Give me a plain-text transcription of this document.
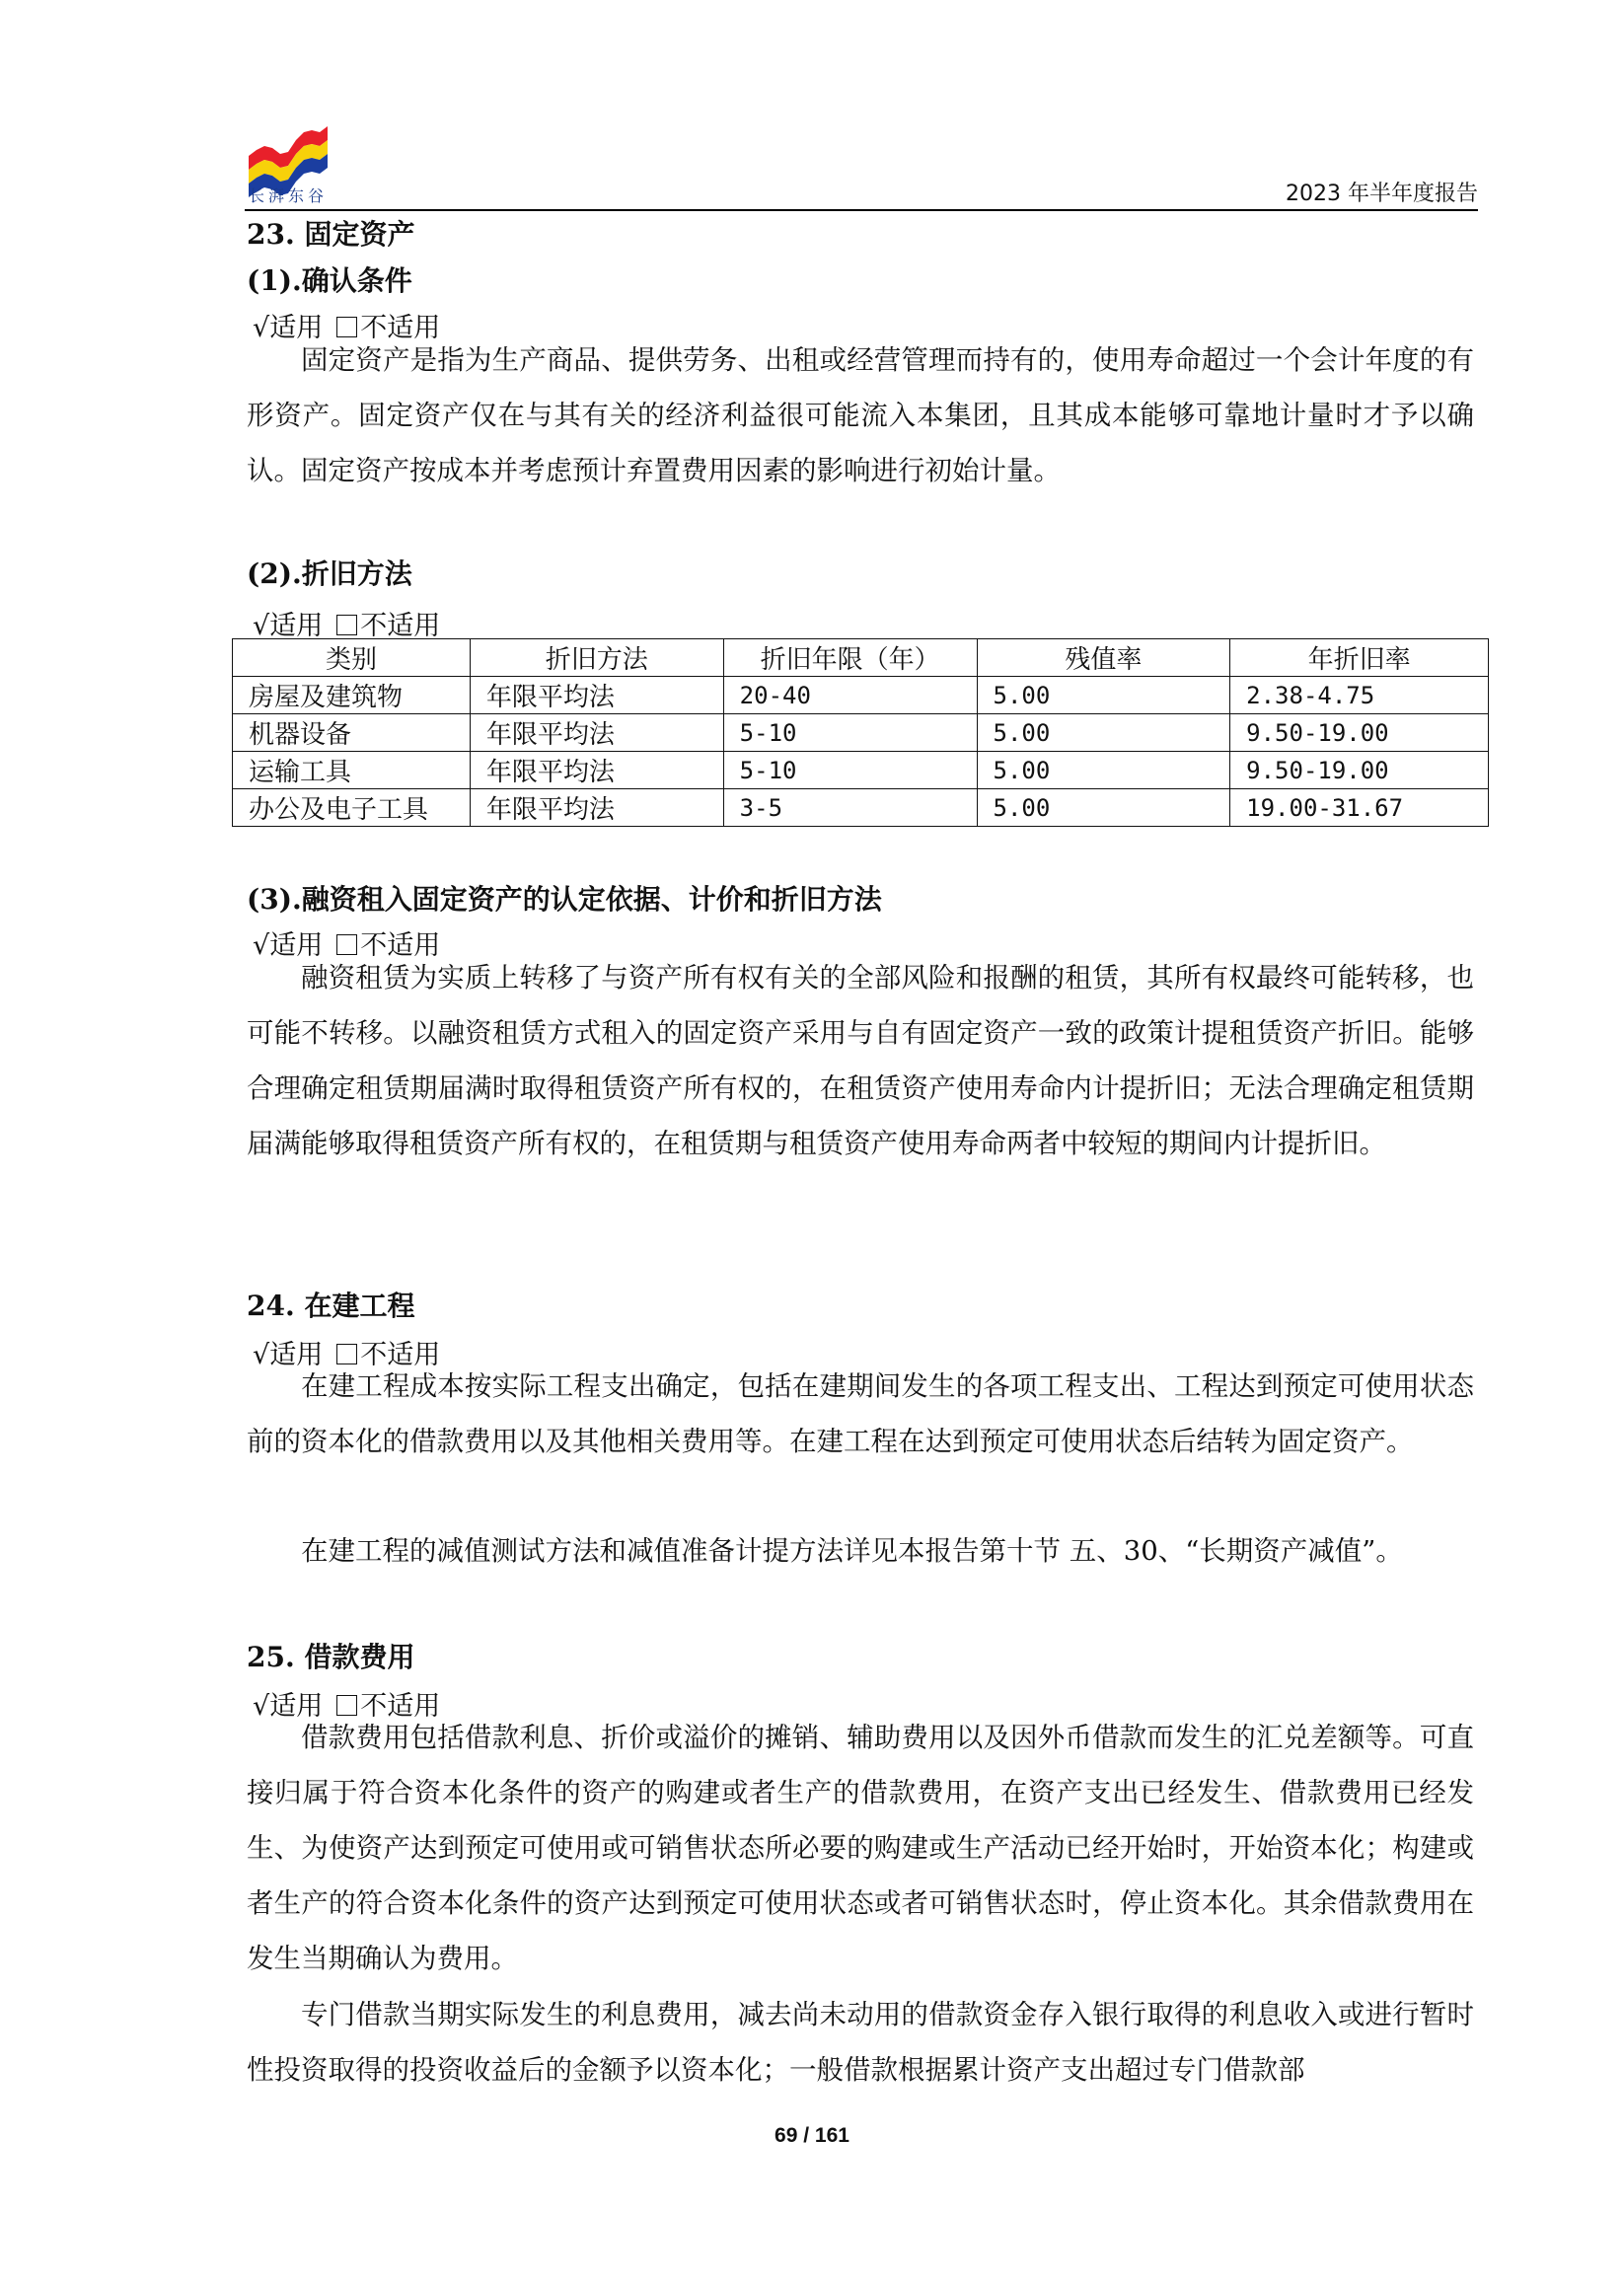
长湃东谷	2023 年半年度报告
23. 固定资产
(1).确认条件
√适用 不适用

固定资产是指为生产商品、提供劳务、出租或经营管理而持有的，使用寿命超过一个会计年度的有形资产。固定资产仅在与其有关的经济利益很可能流入本集团，且其成本能够可靠地计量时才予以确认。固定资产按成本并考虑预计弃置费用因素的影响进行初始计量。

(2).折旧方法
√适用 不适用
类别	折旧方法	折旧年限（年）	残值率	年折旧率
房屋及建筑物	年限平均法	20-40	5.00	2.38-4.75
机器设备	年限平均法	5-10	5.00	9.50-19.00
运输工具	年限平均法	5-10	5.00	9.50-19.00
办公及电子工具	年限平均法	3-5	5.00	19.00-31.67
(3).融资租入固定资产的认定依据、计价和折旧方法
√适用 不适用

融资租赁为实质上转移了与资产所有权有关的全部风险和报酬的租赁，其所有权最终可能转移，也可能不转移。以融资租赁方式租入的固定资产采用与自有固定资产一致的政策计提租赁资产折旧。能够合理确定租赁期届满时取得租赁资产所有权的，在租赁资产使用寿命内计提折旧；无法合理确定租赁期届满能够取得租赁资产所有权的，在租赁期与租赁资产使用寿命两者中较短的期间内计提折旧。

24. 在建工程
√适用 不适用

在建工程成本按实际工程支出确定，包括在建期间发生的各项工程支出、工程达到预定可使用状态前的资本化的借款费用以及其他相关费用等。在建工程在达到预定可使用状态后结转为固定资产。

在建工程的减值测试方法和减值准备计提方法详见本报告第十节 五、30、“长期资产减值”。

25. 借款费用
√适用 不适用

借款费用包括借款利息、折价或溢价的摊销、辅助费用以及因外币借款而发生的汇兑差额等。可直接归属于符合资本化条件的资产的购建或者生产的借款费用，在资产支出已经发生、借款费用已经发生、为使资产达到预定可使用或可销售状态所必要的购建或生产活动已经开始时，开始资本化；构建或者生产的符合资本化条件的资产达到预定可使用状态或者可销售状态时，停止资本化。其余借款费用在发生当期确认为费用。

专门借款当期实际发生的利息费用，减去尚未动用的借款资金存入银行取得的利息收入或进行暂时性投资取得的投资收益后的金额予以资本化；一般借款根据累计资产支出超过专门借款部

69 / 161
